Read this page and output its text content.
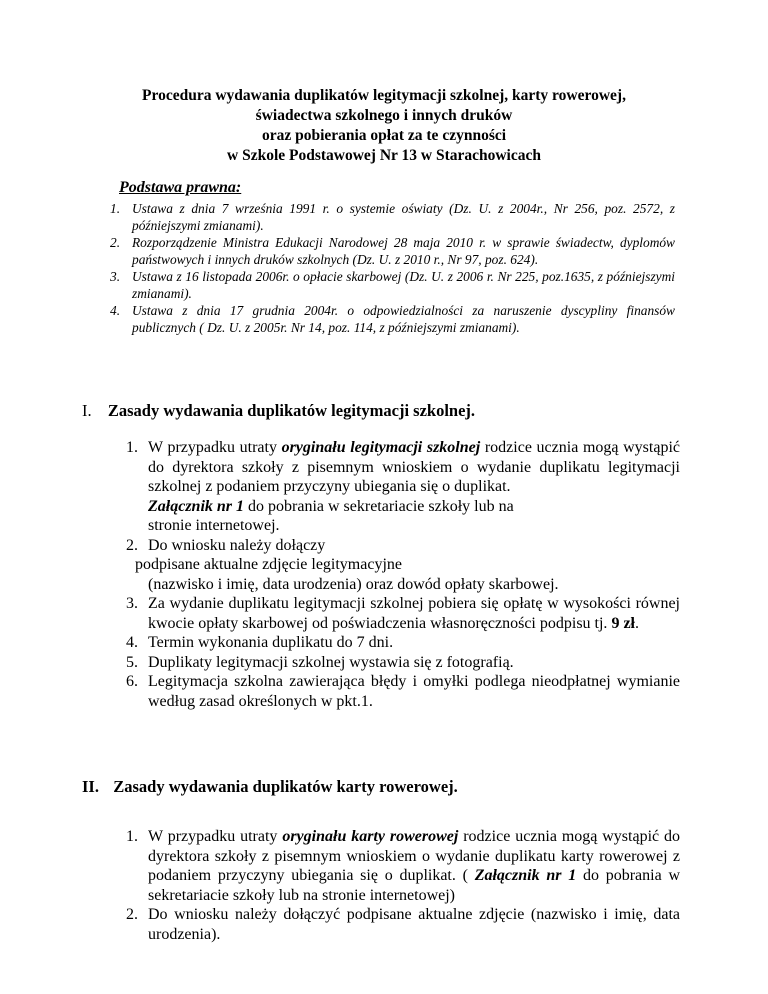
Procedura wydawania duplikatów legitymacji szkolnej, karty rowerowej,
świadectwa szkolnego i innych druków
oraz pobierania opłat za te czynności
w Szkole Podstawowej Nr 13 w Starachowicach
Podstawa prawna:
1. Ustawa z dnia 7 września 1991 r. o systemie oświaty (Dz. U. z 2004r., Nr 256, poz. 2572, z późniejszymi zmianami).
2. Rozporządzenie Ministra Edukacji Narodowej 28 maja 2010 r. w sprawie świadectw, dyplomów państwowych i innych druków szkolnych (Dz. U. z 2010 r., Nr 97, poz. 624).
3. Ustawa z 16 listopada 2006r. o opłacie skarbowej (Dz. U. z 2006 r. Nr 225, poz.1635, z późniejszymi zmianami).
4. Ustawa z dnia 17 grudnia 2004r. o odpowiedzialności za naruszenie dyscypliny finansów publicznych ( Dz. U. z 2005r. Nr 14, poz. 114, z późniejszymi zmianami).
I. Zasady wydawania duplikatów legitymacji szkolnej.
1. W przypadku utraty oryginału legitymacji szkolnej rodzice ucznia mogą wystąpić do dyrektora szkoły z pisemnym wnioskiem o wydanie duplikatu legitymacji szkolnej z podaniem przyczyny ubiegania się o duplikat.
Załącznik nr 1 do pobrania w sekretariacie szkoły lub na stronie internetowej.
2. Do wniosku należy dołączy
podpisane aktualne zdjęcie legitymacyjne
(nazwisko i imię, data urodzenia) oraz dowód opłaty skarbowej.
3. Za wydanie duplikatu legitymacji szkolnej pobiera się opłatę w wysokości równej kwocie opłaty skarbowej od poświadczenia własnoręczności podpisu tj. 9 zł.
4. Termin wykonania duplikatu do 7 dni.
5. Duplikaty legitymacji szkolnej wystawia się z fotografią.
6. Legitymacja szkolna zawierająca błędy i omyłki podlega nieodpłatnej wymianie według zasad określonych w pkt.1.
II. Zasady wydawania duplikatów karty rowerowej.
1. W przypadku utraty oryginału karty rowerowej rodzice ucznia mogą wystąpić do dyrektora szkoły z pisemnym wnioskiem o wydanie duplikatu karty rowerowej z podaniem przyczyny ubiegania się o duplikat. ( Załącznik nr 1 do pobrania w sekretariacie szkoły lub na stronie internetowej)
2. Do wniosku należy dołączyć podpisane aktualne zdjęcie (nazwisko i imię, data urodzenia).
